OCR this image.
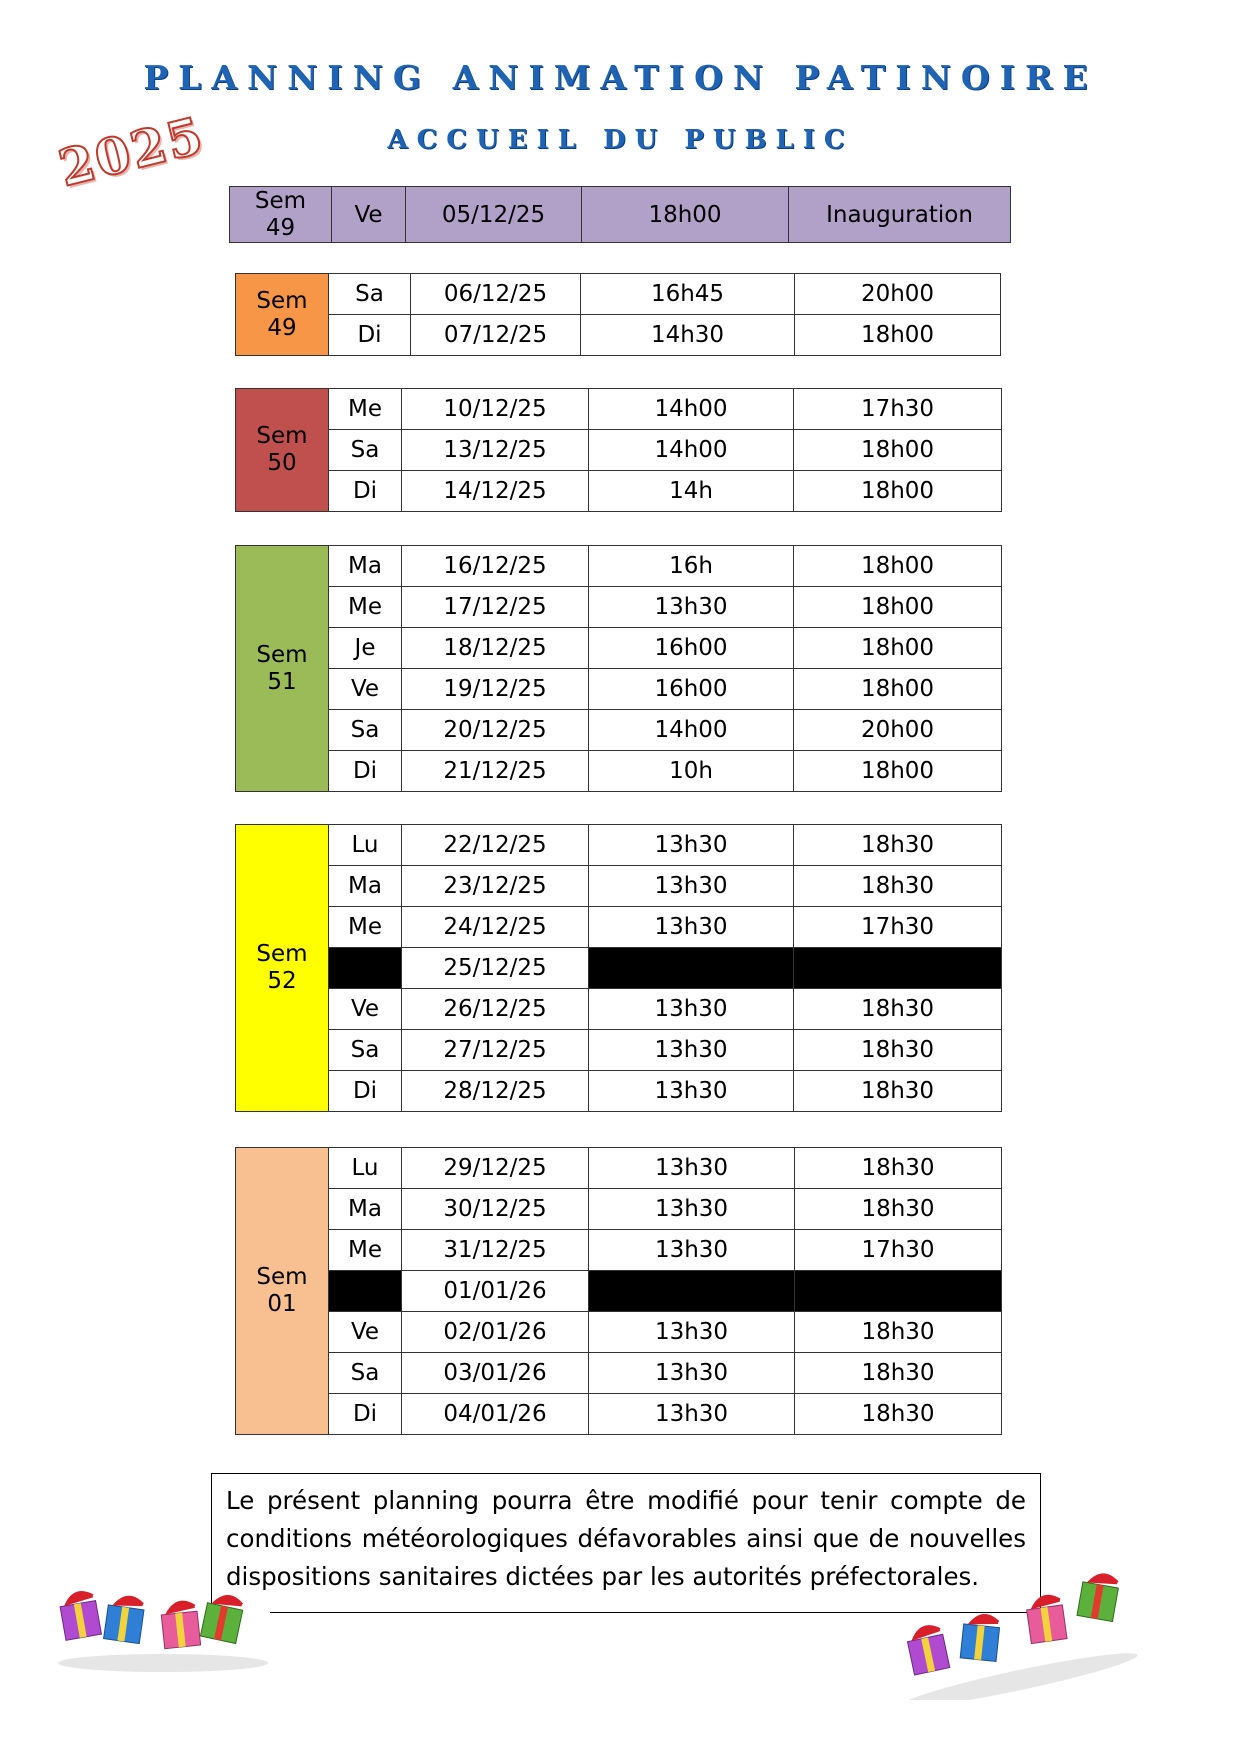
PLANNING ANIMATION PATINOIRE
ACCUEIL DU PUBLIC
2025
Sem
49	Ve	05/12/25	18h00	Inauguration
Sem
49	Sa	06/12/25	16h45	20h00
	Di	07/12/25	14h30	18h00
Sem
50	Me	10/12/25	14h00	17h30
	Sa	13/12/25	14h00	18h00
	Di	14/12/25	14h	18h00
Sem
51	Ma	16/12/25	16h	18h00
	Me	17/12/25	13h30	18h00
	Je	18/12/25	16h00	18h00
	Ve	19/12/25	16h00	18h00
	Sa	20/12/25	14h00	20h00
	Di	21/12/25	10h	18h00
Sem
52	Lu	22/12/25	13h30	18h30
	Ma	23/12/25	13h30	18h30
	Me	24/12/25	13h30	17h30
		25/12/25		
	Ve	26/12/25	13h30	18h30
	Sa	27/12/25	13h30	18h30
	Di	28/12/25	13h30	18h30
Sem
01	Lu	29/12/25	13h30	18h30
	Ma	30/12/25	13h30	18h30
	Me	31/12/25	13h30	17h30
		01/01/26		
	Ve	02/01/26	13h30	18h30
	Sa	03/01/26	13h30	18h30
	Di	04/01/26	13h30	18h30
Le présent planning pourra être modifié pour tenir compte de conditions météorologiques défavorables ainsi que de nouvelles dispositions sanitaires dictées par les autorités préfectorales.
